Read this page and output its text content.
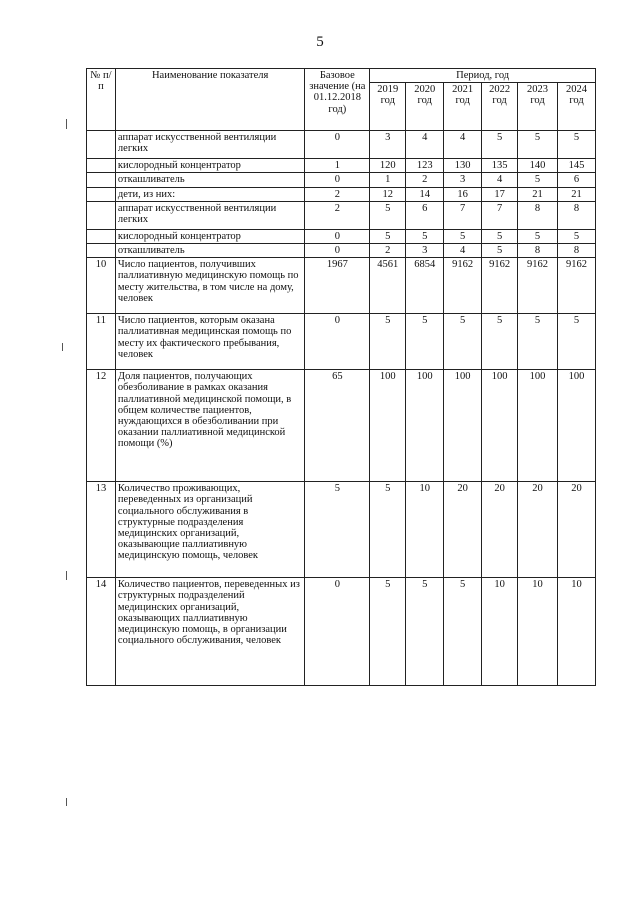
5
№ п/п	Наименование показателя	Базовое значение (на 01.12.2018 год)	Период, год					
			2019 год	2020 год	2021 год	2022 год	2023 год	2024 год
	аппарат искусственной вентиляции легких	0	3	4	4	5	5	5
	кислородный концентратор	1	120	123	130	135	140	145
	откашливатель	0	1	2	3	4	5	6
	дети, из них:	2	12	14	16	17	21	21
	аппарат искусственной вентиляции легких	2	5	6	7	7	8	8
	кислородный концентратор	0	5	5	5	5	5	5
	откашливатель	0	2	3	4	5	8	8
10	Число пациентов, получивших паллиативную медицинскую помощь по месту жительства, в том числе на дому, человек	1967	4561	6854	9162	9162	9162	9162
11	Число пациентов, которым оказана паллиативная медицинская помощь по месту их фактического пребывания, человек	0	5	5	5	5	5	5
12	Доля пациентов, получающих обезболивание в рамках оказания паллиативной медицинской помощи, в общем количестве пациентов, нуждающихся в обезболивании при оказании паллиативной медицинской помощи (%)	65	100	100	100	100	100	100
13	Количество проживающих, переведенных из организаций социального обслуживания в структурные подразделения медицинских организаций, оказывающие паллиативную медицинскую помощь, человек	5	5	10	20	20	20	20
14	Количество пациентов, переведенных из структурных подразделений медицинских организаций, оказывающих паллиативную медицинскую помощь, в организации социального обслуживания, человек	0	5	5	5	10	10	10
